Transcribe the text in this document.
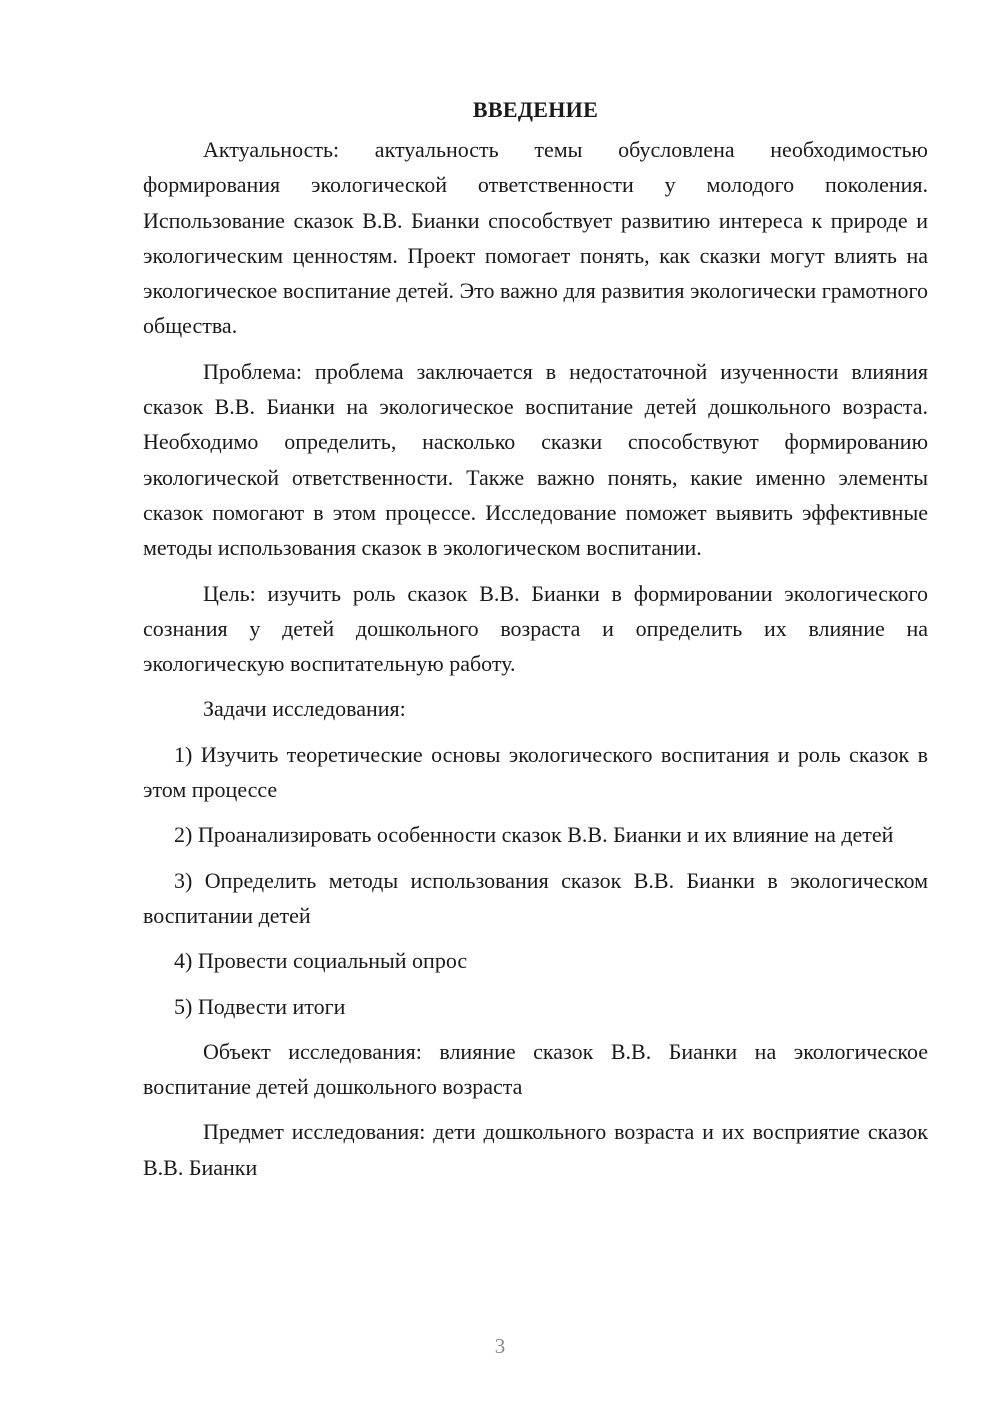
ВВЕДЕНИЕ

Актуальность: актуальность темы обусловлена необходимостью формирования экологической ответственности у молодого поколения. Использование сказок В.В. Бианки способствует развитию интереса к природе и экологическим ценностям. Проект помогает понять, как сказки могут влиять на экологическое воспитание детей. Это важно для развития экологически грамотного общества.

Проблема: проблема заключается в недостаточной изученности влияния сказок В.В. Бианки на экологическое воспитание детей дошкольного возраста. Необходимо определить, насколько сказки способствуют формированию экологической ответственности. Также важно понять, какие именно элементы сказок помогают в этом процессе. Исследование поможет выявить эффективные методы использования сказок в экологическом воспитании.

Цель: изучить роль сказок В.В. Бианки в формировании экологического сознания у детей дошкольного возраста и определить их влияние на экологическую воспитательную работу.

Задачи исследования:

1) Изучить теоретические основы экологического воспитания и роль сказок в этом процессе

2) Проанализировать особенности сказок В.В. Бианки и их влияние на детей

3) Определить методы использования сказок В.В. Бианки в экологическом воспитании детей

4) Провести социальный опрос

5) Подвести итоги

Объект исследования: влияние сказок В.В. Бианки на экологическое воспитание детей дошкольного возраста

Предмет исследования: дети дошкольного возраста и их восприятие сказок В.В. Бианки

3
